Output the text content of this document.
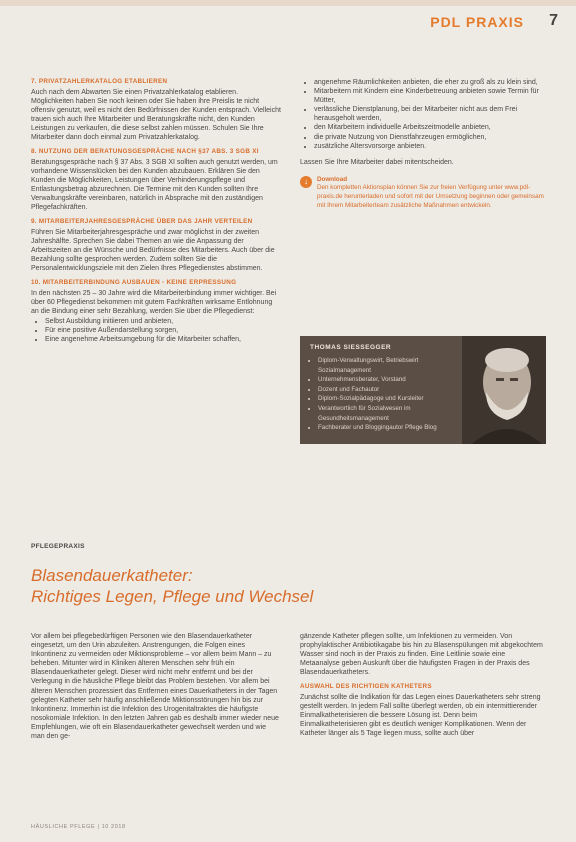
PDL PRAXIS 7
7. PRIVATZAHLERKATALOG ETABLIEREN

Auch nach dem Abwarten Sie einen Privatzahlerkatalog etablieren. Möglichkeiten haben Sie noch keinen oder Sie haben ihre Preislis te nicht offensiv genutzt, weil es nicht den Bedürfnissen der Kunden entsprach. Vielleicht trauen sich auch Ihre Mitarbeiter und Beratungskräfte nicht, den Kunden Leistungen zu verkaufen, die diese selbst zahlen müssen. Schulen Sie Ihre Mitarbeiter dann doch einmal zum Privatzahlerkatalog.

8. NUTZUNG DER BERATUNGSGESPRÄCHE NACH §37 ABS. 3 SGB XI

Beratungsgespräche nach § 37 Abs. 3 SGB XI sollten auch genutzt werden, um vorhandene Wissenslücken bei den Kunden abzubauen. Erklären Sie den Kunden die Möglichkeiten, Leistungen über Verhinderungspflege und Entlastungsbetrag abzurechnen. Die Termine mit den Kunden sollten Ihre Verwaltungskräfte vereinbaren, natürlich in Absprache mit den zuständigen Pflegefachkräften.

9. MITARBEITERJAHRESGESPRÄCHE ÜBER DAS JAHR VERTEILEN

Führen Sie Mitarbeiterjahresgespräche und zwar möglichst in der zweiten Jahreshälfte. Sprechen Sie dabei Themen an wie die Anpassung der Arbeitszeiten an die Wünsche und Bedürfnisse des Mitarbeiters. Auch über die Bezahlung sollte gesprochen werden. Zudem sollten Sie die Personalentwicklungsziele mit den Zielen Ihres Pflegedienstes abstimmen.

10. MITARBEITERBINDUNG AUSBAUEN - KEINE ERPRESSUNG

In den nächsten 25 – 30 Jahre wird die Mitarbeiterbindung immer wichtiger. Bei über 60 Pflegedienst bekommen mit gutem Fachkräften wirksame Entlohnung an die Bindung einer sehr Bezahlung, werden Sie über die Pflegedienst:

• Selbst Ausbildung initiieren und anbieten,
• Für eine positive Außendarstellung sorgen,
• Eine angenehme Arbeitsumgebung für die Mitarbeiter schaffen,
• angenehme Räumlichkeiten anbieten, die eher zu groß als zu klein sind,
• Mitarbeitern mit Kindern eine Kinderbetreuung anbieten sowie Termin für Mütter,
• verlässliche Dienstplanung, bei der Mitarbeiter nicht aus dem Frei herausgeholt werden,
• den Mitarbeitern individuelle Arbeitszeitmodelle anbieten,
• die private Nutzung von Dienstfahrzeugen ermöglichen,
• zusätzliche Altersvorsorge anbieten.

Lassen Sie Ihre Mitarbeiter dabei mitentscheiden.

↓	Download
Den kompletten Aktionsplan können Sie zur freien Verfügung unter www.pdl-praxis.de herunterladen und sofort mit der Umsetzung beginnen oder gemeinsam mit Ihrem Mitarbeiterteam zusätzliche Maßnahmen entwickeln.
THOMAS SIESSEGGER
• Diplom-Verwaltungswirt, Betriebswirt Sozialmanagement
• Unternehmensberater, Vorstand
• Dozent und Fachautor
• Diplom-Sozialpädagoge und Kursleiter
• Verantwortlich für Sozialwesen im Gesundheitsmanagement
• Fachberater und Bloggingautor Pflege Blog
PFLEGEPRAXIS
Blasendauerkatheter:
Richtiges Legen, Pflege und Wechsel

Vor allem bei pflegebedürftigen Personen wie den Blasendauerkatheter eingesetzt, um den Urin abzuleiten. Anstrengungen, die Folgen eines Inkontinenz zu vermeiden oder Miktionsprobleme – vor allem beim Mann – zu beheben. Mitunter wird in Kliniken älteren Menschen sehr früh ein Blasendauerkatheter gelegt. Dieser wird nicht mehr entfernt und bei der Verlegung in die häusliche Pflege bleibt das Problem bestehen. Vor allem bei älteren Menschen prozessiert das Entfernen eines Dauerkatheters in der Tagen gelegten Katheter sehr häufig anschließende Miktionsstörungen hin bis zur Inkontinenz. Immerhin ist die Infektion des Urogenitaltraktes die häufigste nosokomiale Infektion. In den letzten Jahren gab es deshalb immer wieder neue Empfehlungen, wie oft ein Blasendauerkatheter gewechselt werden und wie man den ge-

gänzende Katheter pflegen sollte, um Infektionen zu vermeiden. Von prophylaktischer Antibiotikagabe bis hin zu Blasenspülungen mit abgekochtem Wasser sind noch in der Praxis zu finden. Eine Leitlinie sowie eine Metaanalyse geben Auskunft über die häufigsten Fragen in der Praxis des Blasendauerkatheters.

AUSWAHL DES RICHTIGEN KATHETERS

Zunächst sollte die Indikation für das Legen eines Dauerkatheters sehr streng gestellt werden. In jedem Fall sollte überlegt werden, ob ein intermittierender Einmalkatheterisieren die bessere Lösung ist. Denn beim Einmalkatheterisieren gibt es deutlich weniger Komplikationen. Wenn der Katheter länger als 5 Tage liegen muss, sollte auch über

HÄUSLICHE PFLEGE | 10 2018
